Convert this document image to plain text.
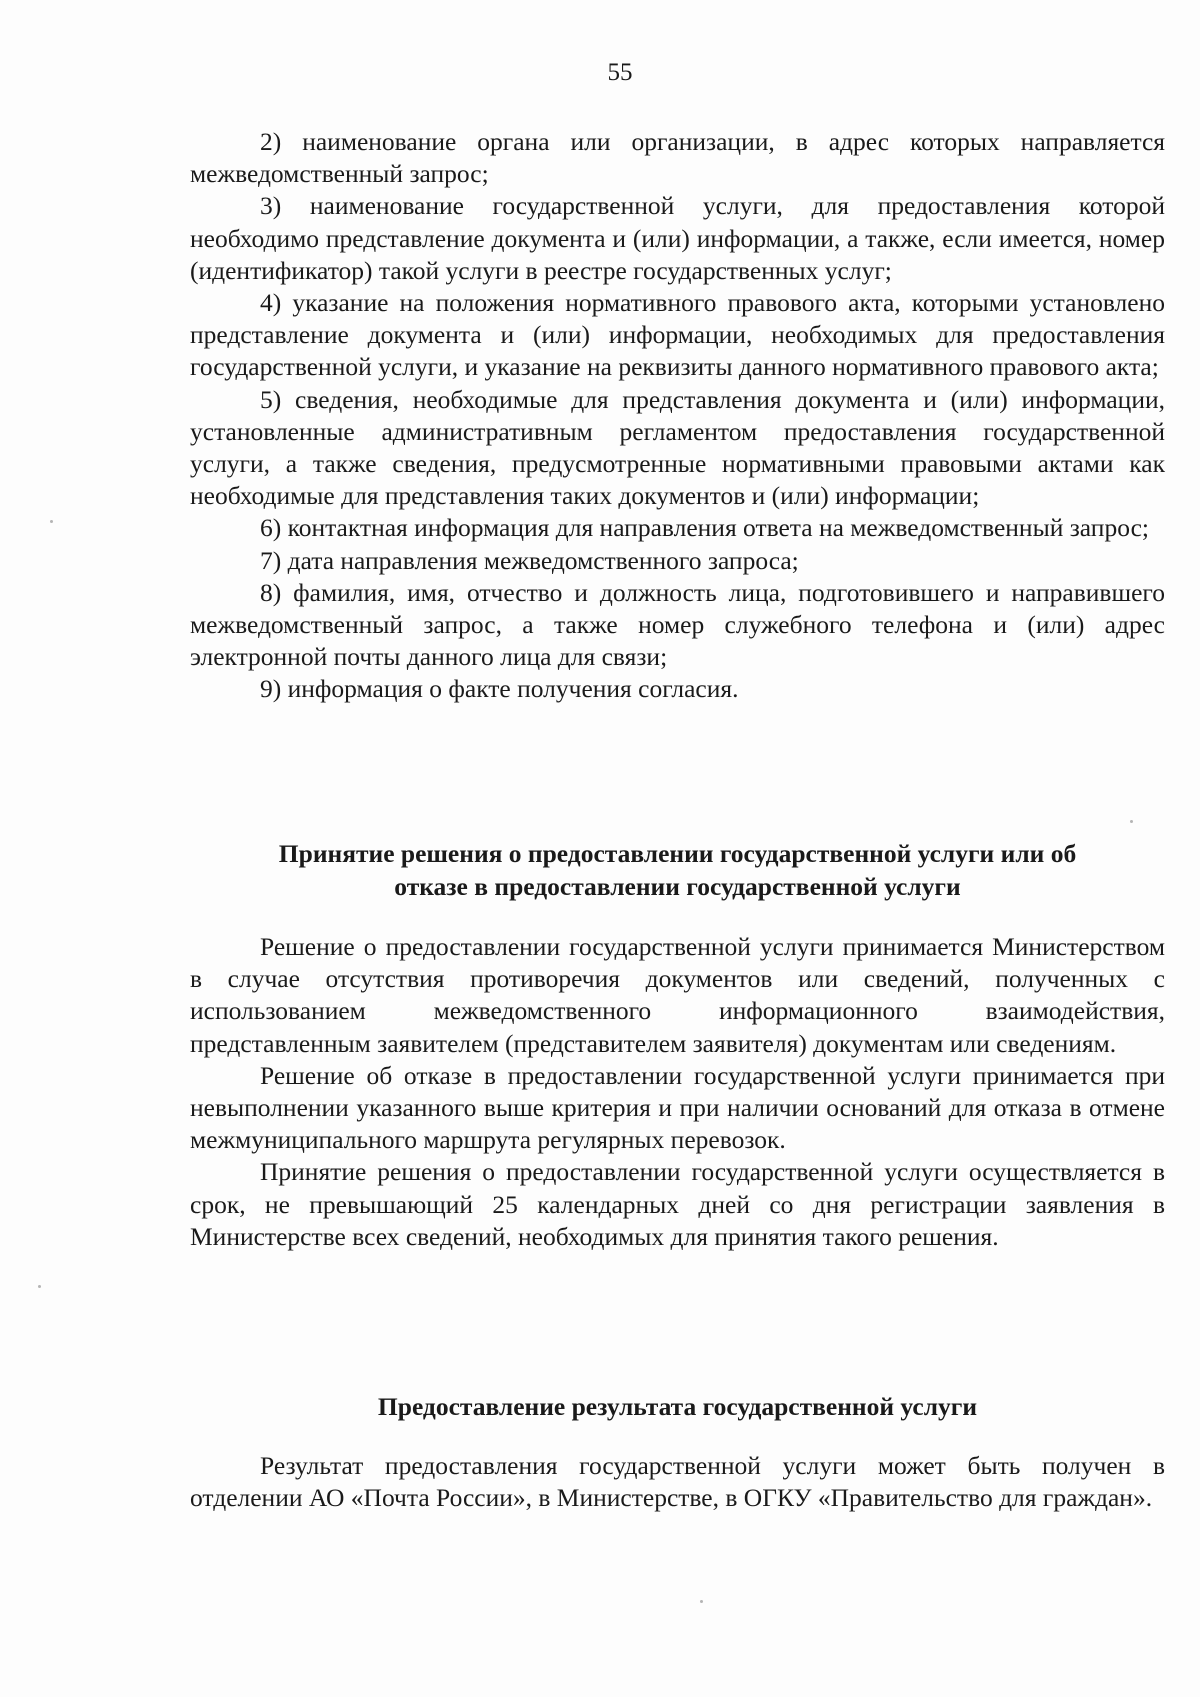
55

2) наименование органа или организации, в адрес которых направляется межведомственный запрос;

3) наименование государственной услуги, для предоставления которой необходимо представление документа и (или) информации, а также, если имеется, номер (идентификатор) такой услуги в реестре государственных услуг;

4) указание на положения нормативного правового акта, которыми установлено представление документа и (или) информации, необходимых для предоставления государственной услуги, и указание на реквизиты данного нормативного правового акта;

5) сведения, необходимые для представления документа и (или) информации, установленные административным регламентом предоставления государственной услуги, а также сведения, предусмотренные нормативными правовыми актами как необходимые для представления таких документов и (или) информации;

6) контактная информация для направления ответа на межведомственный запрос;

7) дата направления межведомственного запроса;

8) фамилия, имя, отчество и должность лица, подготовившего и направившего межведомственный запрос, а также номер служебного телефона и (или) адрес электронной почты данного лица для связи;

9) информация о факте получения согласия.

Принятие решения о предоставлении государственной услуги или об
отказе в предоставлении государственной услуги

Решение о предоставлении государственной услуги принимается Министерством в случае отсутствия противоречия документов или сведений, полученных с использованием межведомственного информационного взаимодействия, представленным заявителем (представителем заявителя) документам или сведениям.

Решение об отказе в предоставлении государственной услуги принимается при невыполнении указанного выше критерия и при наличии оснований для отказа в отмене межмуниципального маршрута регулярных перевозок.

Принятие решения о предоставлении государственной услуги осуществляется в срок, не превышающий 25 календарных дней со дня регистрации заявления в Министерстве всех сведений, необходимых для принятия такого решения.

Предоставление результата государственной услуги

Результат предоставления государственной услуги может быть получен в отделении АО «Почта России», в Министерстве, в ОГКУ «Правительство для граждан».
